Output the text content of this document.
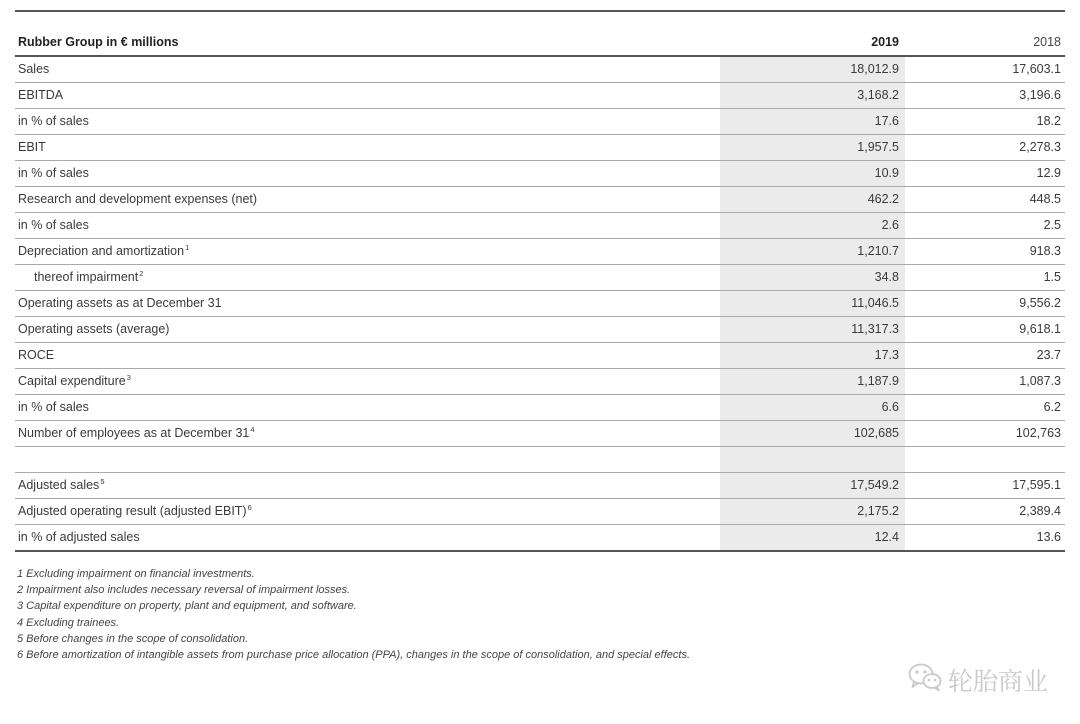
Rubber Group in € millions	2019	2018
Sales	18,012.9	17,603.1
EBITDA	3,168.2	3,196.6
in % of sales	17.6	18.2
EBIT	1,957.5	2,278.3
in % of sales	10.9	12.9
Research and development expenses (net)	462.2	448.5
in % of sales	2.6	2.5
Depreciation and amortization$^1$	1,210.7	918.3
thereof impairment$^2$	34.8	1.5
Operating assets as at December 31	11,046.5	9,556.2
Operating assets (average)	11,317.3	9,618.1
ROCE	17.3	23.7
Capital expenditure$^3$	1,187.9	1,087.3
in % of sales	6.6	6.2
Number of employees as at December $31^4$	102,685	102,763

Adjusted sales$^5$	17,549.2	17,595.1
Adjusted operating result (adjusted EBIT)$^6$	2,175.2	2,389.4
in % of adjusted sales	12.4	13.6
1 Excluding impairment on financial investments.
2 Impairment also includes necessary reversal of impairment losses.
3 Capital expenditure on property, plant and equipment, and software.
4 Excluding trainees.
5 Before changes in the scope of consolidation.
6 Before amortization of intangible assets from purchase price allocation (PPA), changes in the scope of consolidation, and special effects.
轮胎商业
